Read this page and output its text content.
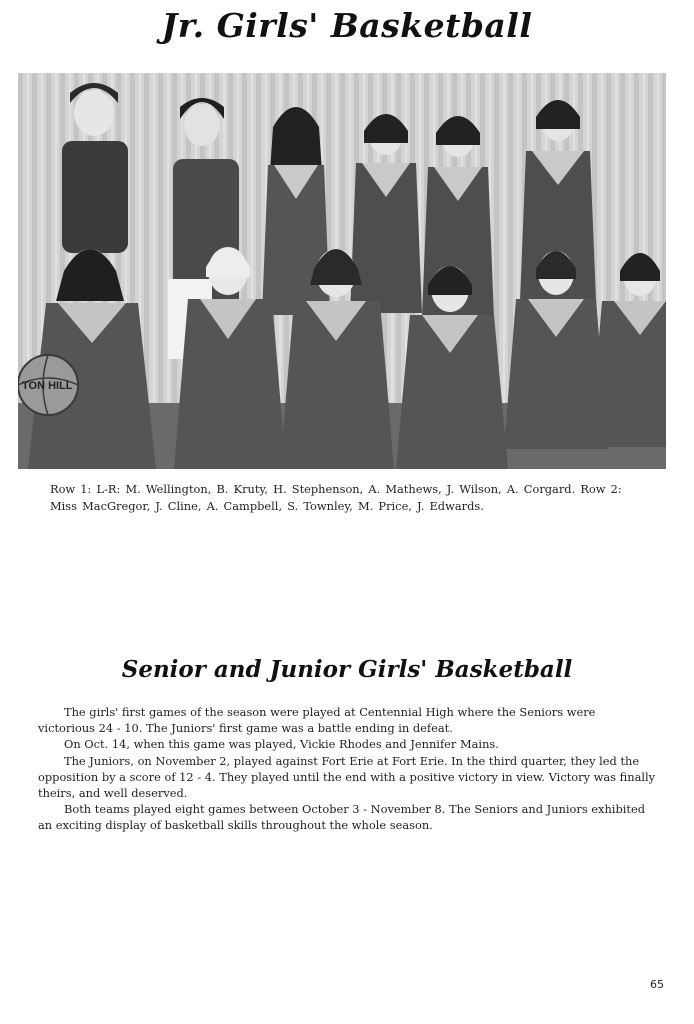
Jr. Girls' Basketball
TON HILL
Row 1: L-R: M. Wellington, B. Kruty, H. Stephenson, A. Mathews, J. Wilson, A. Corgard. Row 2: Miss MacGregor, J. Cline, A. Campbell, S. Townley, M. Price, J. Edwards.
Senior and Junior Girls' Basketball

The girls' first games of the season were played at Centennial High where the Seniors were victorious 24 - 10. The Juniors' first game was a battle ending in defeat.

On Oct. 14, when this game was played, Vickie Rhodes and Jennifer Mains.

The Juniors, on November 2, played against Fort Erie at Fort Erie. In the third quarter, they led the opposition by a score of 12 - 4. They played until the end with a positive victory in view. Victory was finally theirs, and well deserved.

Both teams played eight games between October 3 - November 8. The Seniors and Juniors exhibited an exciting display of basketball skills throughout the whole season.

65
